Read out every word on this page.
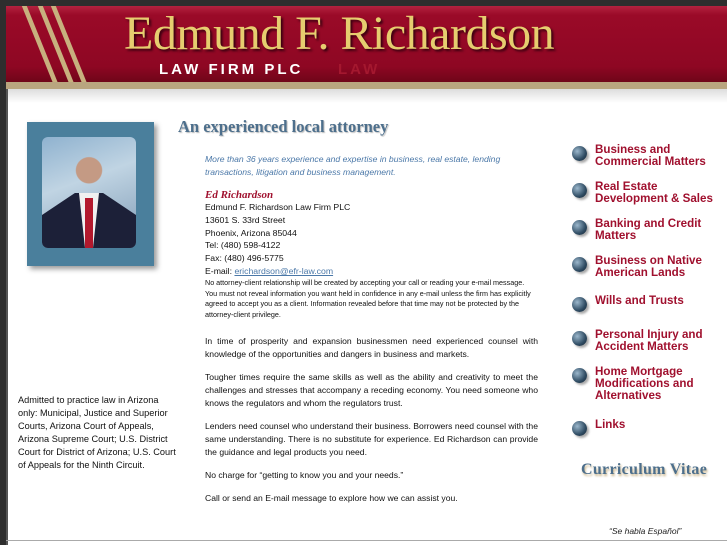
Edmund F. Richardson
LAW FIRM PLC LAW
Admitted to practice law in Arizona only: Municipal, Justice and Superior Courts, Arizona Court of Appeals, Arizona Supreme Court; U.S. District Court for District of Arizona; U.S. Court of Appeals for the Ninth Circuit.
An experienced local attorney
More than 36 years experience and expertise in business, real estate, lending transactions, litigation and business management.
Ed Richardson
Edmund F. Richardson Law Firm PLC
13601 S. 33rd Street
Phoenix, Arizona 85044
Tel: (480) 598-4122
Fax: (480) 496-5775
E-mail: erichardson@efr-law.com
No attorney-client relationship will be created by accepting your call or reading your e-mail message. You must not reveal information you want held in confidence in any e-mail unless the firm has explicitly agreed to accept you as a client. Information revealed before that time may not be protected by the attorney-client privilege.
In time of prosperity and expansion businessmen need experienced counsel with knowledge of the opportunities and dangers in business and markets.
Tougher times require the same skills as well as the ability and creativity to meet the challenges and stresses that accompany a receding economy. You need someone who knows the regulators and whom the regulators trust.
Lenders need counsel who understand their business. Borrowers need counsel with the same understanding. There is no substitute for experience. Ed Richardson can provide the guidance and legal products you need.
No charge for “getting to know you and your needs.”
Call or send an E-mail message to explore how we can assist you.
Business and
Commercial Matters
Real Estate
Development & Sales
Banking and Credit
Matters
Business on Native
American Lands
Wills and Trusts
Personal Injury and
Accident Matters
Home Mortgage
Modifications and
Alternatives
Links
Curriculum Vitae
“Se habla Español”
